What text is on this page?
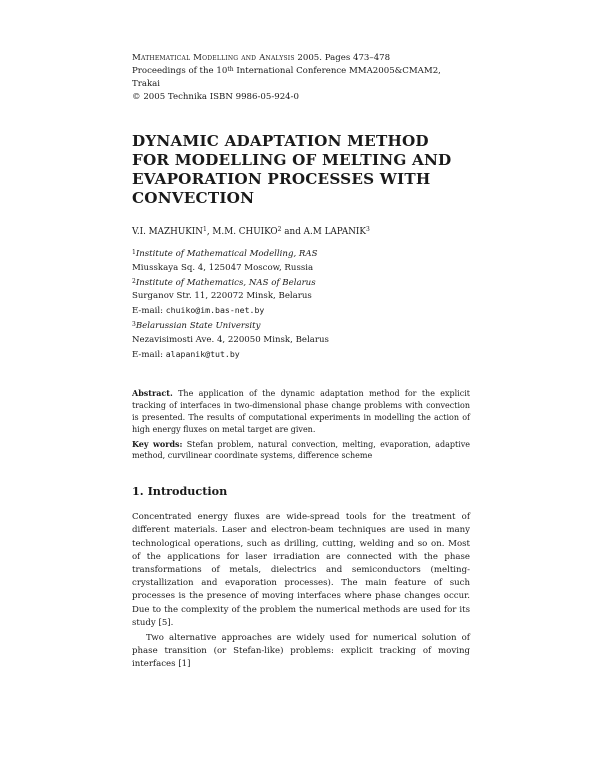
Mathematical Modelling and Analysis 2005. Pages 473–478
Proceedings of the 10th International Conference MMA2005&CMAM2, Trakai
© 2005 Technika ISBN 9986-05-924-0
DYNAMIC ADAPTATION METHOD FOR MODELLING OF MELTING AND EVAPORATION PROCESSES WITH CONVECTION
V.I. MAZHUKIN$^1$, M.M. CHUIKO$^2$ and A.M LAPANIK$^3$
$^1$Institute of Mathematical Modelling, RAS
Miusskaya Sq. 4, 125047 Moscow, Russia
$^2$Institute of Mathematics, NAS of Belarus
Surganov Str. 11, 220072 Minsk, Belarus
E-mail: chuiko@im.bas-net.by
$^3$Belarussian State University
Nezavisimosti Ave. 4, 220050 Minsk, Belarus
E-mail: alapanik@tut.by
Abstract. The application of the dynamic adaptation method for the explicit tracking of interfaces in two-dimensional phase change problems with convection is presented. The results of computational experiments in modelling the action of high energy fluxes on metal target are given.
Key words: Stefan problem, natural convection, melting, evaporation, adaptive method, curvilinear coordinate systems, difference scheme
1. Introduction

Concentrated energy fluxes are wide-spread tools for the treatment of different materials. Laser and electron-beam techniques are used in many technological operations, such as drilling, cutting, welding and so on. Most of the applications for laser irradiation are connected with the phase transformations of metals, dielectrics and semiconductors (melting-crystallization and evaporation processes). The main feature of such processes is the presence of moving interfaces where phase changes occur. Due to the complexity of the problem the numerical methods are used for its study [5].

Two alternative approaches are widely used for numerical solution of phase transition (or Stefan-like) problems: explicit tracking of moving interfaces [1]
